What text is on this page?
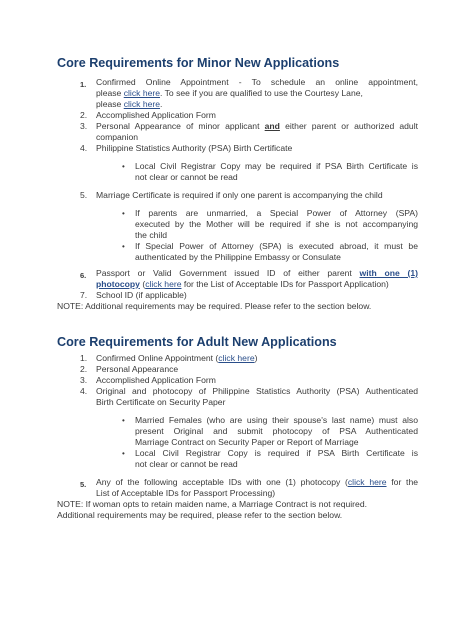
Core Requirements for Minor New Applications
1. Confirmed Online Appointment - To schedule an online appointment,
please click here. To see if you are qualified to use the Courtesy Lane,
please click here.
2. Accomplished Application Form
3. Personal Appearance of minor applicant and either parent or authorized adult
companion
4. Philippine Statistics Authority (PSA) Birth Certificate
• Local Civil Registrar Copy may be required if PSA Birth Certificate is
not clear or cannot be read
5. Marriage Certificate is required if only one parent is accompanying the child
• If parents are unmarried, a Special Power of Attorney (SPA)
executed by the Mother will be required if she is not accompanying
the child
• If Special Power of Attorney (SPA) is executed abroad, it must be
authenticated by the Philippine Embassy or Consulate
6. Passport or Valid Government issued ID of either parent with one (1)
photocopy (click here for the List of Acceptable IDs for Passport Application)
7. School ID (if applicable)
NOTE: Additional requirements may be required. Please refer to the section below.
Core Requirements for Adult New Applications
1. Confirmed Online Appointment (click here)
2. Personal Appearance
3. Accomplished Application Form
4. Original and photocopy of Philippine Statistics Authority (PSA) Authenticated
Birth Certificate on Security Paper
• Married Females (who are using their spouse's last name) must also
present Original and submit photocopy of PSA Authenticated
Marriage Contract on Security Paper or Report of Marriage
• Local Civil Registrar Copy is required if PSA Birth Certificate is
not clear or cannot be read
5. Any of the following acceptable IDs with one (1) photocopy (click here for the
List of Acceptable IDs for Passport Processing)
NOTE: If woman opts to retain maiden name, a Marriage Contract is not required.
Additional requirements may be required, please refer to the section below.
